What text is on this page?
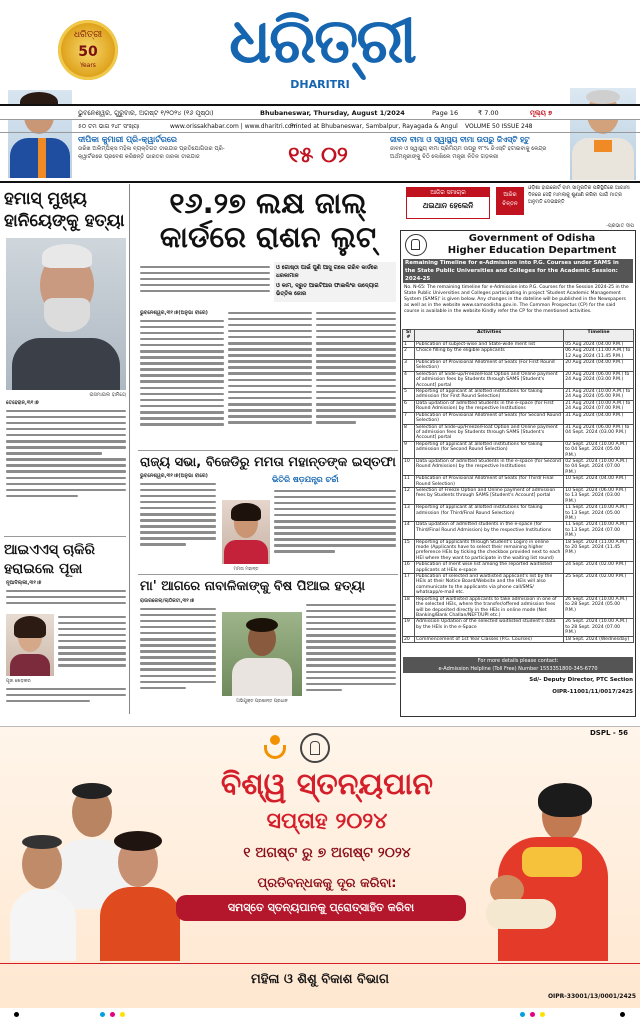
ଧରିତ୍ରୀ
50
Years	ଧରିତ୍ରୀ
DHARITRI
ଭୁବନେଶ୍ୱର, ଗୁରୁବାର, ଅଗଷ୍ଟ ୧/୨୦୨୪ (୧୬ ପୃଷ୍ଠା)	Bhubaneswar, Thursday, August 1/2024	Page 16	₹ 7.00	ମୂଲ୍ୟ ୭
୫୦ ତମ ଭାଗ ୨୪୮ ସଂଖ୍ୟା	www.orissakhabar.com | www.dharitri.com
Printed at Bhubaneswar, Sambalpur, Rayagada & Angul VOLUME 50 ISSUE 248
ଦୀପିକା କୁମାରୀ ପ୍ରି-କ୍ୱାର୍ଟରରେ
ତାରିଖ ଅଲିମ୍ପିକ୍ସ ମହିଳା ବ୍ୟକ୍ତିଗତ ତୀରନ୍ଦାଜ ପ୍ରତିଯୋଗିତାର ପ୍ରି-କ୍ୱାର୍ଟରରେ ପ୍ରବେଶ କରିଛନ୍ତି ଭାରତର ତାରକା ତୀରନ୍ଦାଜ	୧୫ ୦୨
ଜୀବନ ବୀମା ଓ ସ୍ୱାସ୍ଥ୍ୟ ବୀମା ଉପରୁ ଜିଏସ୍‌ଟି ହଟୁ
ଜୀବନ ଓ ସ୍ୱାସ୍ଥ୍ୟ ବୀମା ପ୍ରିମିୟମ ଉପରୁ ୧୮% ଜିଏସ୍‌ଟି ହଟାଇବାକୁ କେନ୍ଦ୍ର ଅର୍ଥମନ୍ତ୍ରୀଙ୍କୁ ଚିଠି ଲେଖିଲେ ମନ୍ତ୍ରୀ ନିତିନ ଗଡ଼କରୀ
ହମାସ୍ ମୁଖ୍ୟ ହାନିୟେଙ୍କୁ ହତ୍ୟା
ଇସମାଇଲ ହାନିୟେ
ତେହେରାନ,୩୧।୭
ଆଇଏଏସ୍ ଚାକିରି ହରାଇଲେ ପୂଜା
ନୂଆଦିଲ୍ଲୀ,୩୧।୭
ପୂଜା ଖେଡ଼କର
୧୬.୨୭ ଲକ୍ଷ ଜାଲ୍ କାର୍ଡରେ ରାଶନ ଲୁଟ୍
ଓ ଗୋଷ୍ଠୀ ପାଇଁ ପୁଣି ଆସୁ ଗଲେ ଗରିବ କାର୍ଡରେ ଧରକାମାଳ
ଓ କାମ, ଦ୍ରୁତ ଆଇଟିଆର ଫାଇଲିଂର ଉଦ୍ୟୋଗ ଭିତ୍ତିକ ଜୋର
ଭୁବନେଶ୍ୱର,୩୧।୭(ଅନୁଭା ବୀରେ)
ରାଜ୍ୟ ସଭା, ବିଜେଡିରୁ ମମତା ମହାନ୍ତଙ୍କ ଇସ୍ତଫା
ଭୁବନେଶ୍ୱର,୩୧।୭(ଅନୁଭା ବୀରେ)
ମମତା ମହାନ୍ତ
ଭିତିରି ଷଡ଼ଯନ୍ତ୍ର ଚର୍ଚ୍ଚା
ମା' ଆଗରେ ନାବାଳିକାଙ୍କୁ ବିଷ ପିଆଇ ହତ୍ୟା
ରାଉରକେଲା/ଲାଠିକଟା,୩୧।୭
ଅଭିଯୁକ୍ତ ପ୍ରଶାନ୍ତ ପ୍ରଧାନ
ଆଜିର ସମାଚାର
ଥଇଥାନ ହେଲେନି
ଆଜିର ଚିନ୍ତନ
ଓଡ଼ିଶା ହାଇକୋର୍ଟ ବାମ ସାମ୍ପ୍ରତିକ ପରିସ୍ଥିତିରେ ଆଗାମୀ ଦିନରେ ସେହି ମାମଲାକୁ ଶୁଣାଣି କରିବା ପାଇଁ ମାତ୍ର ଅନୁମତି ଦେଇଛନ୍ତି
-ପ୍ରଭାତ ଦୀପ
Government of Odisha
Higher Education Department
Remaining Timeline for e-Admission into P.G. Courses under SAMS in the State Public Universities and Colleges for the Academic Session: 2024-25
No. N-65: The remaining timeline for e-Admission into P.G. Courses for the Session 2024-25 in the State Public Universities and Colleges participating in project 'Student Academic Management System (SAMS)' is given below. Any changes in the dateline will be published in the Newspapers as well as in the website www.samsodisha.gov.in. The Common Prospectus (CP) for the said course is available in the website Kindly refer the CP for the mentioned activities.
Sl #	Activities	Timeline
1	Publication of subject-wise and State-wide merit list	05 Aug 2024 (04.00 P.M.)
2	Choice filling by the eligible applicants	06 Aug 2024 (11.00 A.M.) to 12 Aug 2024 (11.45 P.M.)
3	Publication of Provisional Allotment of Seats (For First Round Selection)	20 Aug 2024 (04.00 P.M.)
4	Selection of Slide-up/Freeze/Float Option and Online payment of admission fees by Students through SAMS [Student's Account] portal	20 Aug 2024 (06.00 P.M.) to 24 Aug 2024 (03.00 P.M.)
5	Reporting of applicant at allotted institutions for taking admission (for First Round Selection)	21 Aug 2024 (10.00 A.M.) to 24 Aug 2024 (05.00 P.M.)
6	Data updation of admitted Students in the e-space (for First Round Admission) by the respective Institutions	21 Aug 2024 (10.00 A.M.) to 24 Aug 2024 (07.00 P.M.)
7	Publication of Provisional Allotment of Seats (for Second Round Selection)	31 Aug 2024 (04.00 P.M.)
8	Selection of Slide-up/Freeze/Float Option and Online payment of admission fees by Students through SAMS [Student's Account] portal	31 Aug 2024 (06.00 P.M.) to 04 Sept. 2024 (03.00 P.M.)
9	Reporting of applicant at allotted institutions for taking admission (for Second Round Selection)	02 Sept. 2024 (10.00 A.M.) to 04 Sept. 2024 (05.00 P.M.)
10	Data updation of admitted Students in the e-space (for Second Round Admission) by the respective Institutions	02 Sept. 2024 (10.00 A.M.) to 04 Sept. 2024 (07.00 P.M.)
11	Publication of Provisional Allotment of Seats (for Third/ Final Round Selection)	10 Sept. 2024 (04.00 P.M.)
12	Selection of Freeze Option and Online payment of admission fees by Students through SAMS [Student's Account] portal	10 Sept. 2024 (06.00 P.M.) to 13 Sept. 2024 (03.00 P.M.)
13	Reporting of applicant at allotted institutions for taking admission (for Third/Final Round Selection)	11 Sept. 2024 (10.00 A.M.) to 13 Sept. 2024 (05.00 P.M.)
14	Data updation of admitted students in the e-space (for Third/Final Round Admission) by the respective Institutions	11 Sept. 2024 (10.00 A.M.) to 13 Sept. 2024 (07.00 P.M.)
15	Reporting of applicants through Student's Login) in online mode (Applicants have to select their remaining higher preference HEIs by ticking the checkbox provided next to each HEI where they want to participate in the waiting list round)	18 Sept. 2024 (11.00 A.M.) to 20 Sept. 2024 (11.45 P.M.)
16	Publication of merit wise list among the reported waitlisted applicants at HEIs e-space	24 Sept. 2024 (02.00 P.M.)
17	Publication of selected and waitlisted applicant's list by the HEIs at their Notice Board/Website and the HEIs will also communicate to the applicants via phone call/SMS/ whatsapp/e-mail etc.	25 Sept. 2024 (02.00 P.M.)
18	Reporting of waitlisted applicants to take admission in one of the selected HEIs, where the transfer/offered admission fees will be deposited directly in the HEIs in online mode (Net Banking/Bank Challan/NEFT/UPI etc.)	26 Sept. 2024 (10.00 A.M.) to 28 Sept. 2024 (05.00 P.M.)
19	Admission Updation of the selected waitlisted student's data by the HEIs in the e-Space	26 Sept. 2024 (10.00 A.M.) to 28 Sept. 2024 (07.00 P.M.)
20	Commencement of 1st Year Classes (P.G. Courses)	18 Sept. 2024 (Wednesday)
For more details please contact:
e-Admission Helpline (Toll Free) Number 1553351800-345-6770
Sd/- Deputy Director, PTC Section
OIPR-11001/11/0017/2425
DSPL - 56
ବିଶ୍ୱ ସ୍ତନ୍ୟପାନ
ସପ୍ତାହ ୨୦୨୪
୧ ଅଗଷ୍ଟ ରୁ ୭ ଅଗଷ୍ଟ ୨୦୨୪
ପ୍ରତିବନ୍ଧକକୁ ଦୂର କରିବା:
ସମସ୍ତେ ସ୍ତନ୍ୟପାନକୁ ପ୍ରୋତ୍ସାହିତ କରିବା
ମହିଳା ଓ ଶିଶୁ ବିକାଶ ବିଭାଗ
OIPR-33001/13/0001/2425
